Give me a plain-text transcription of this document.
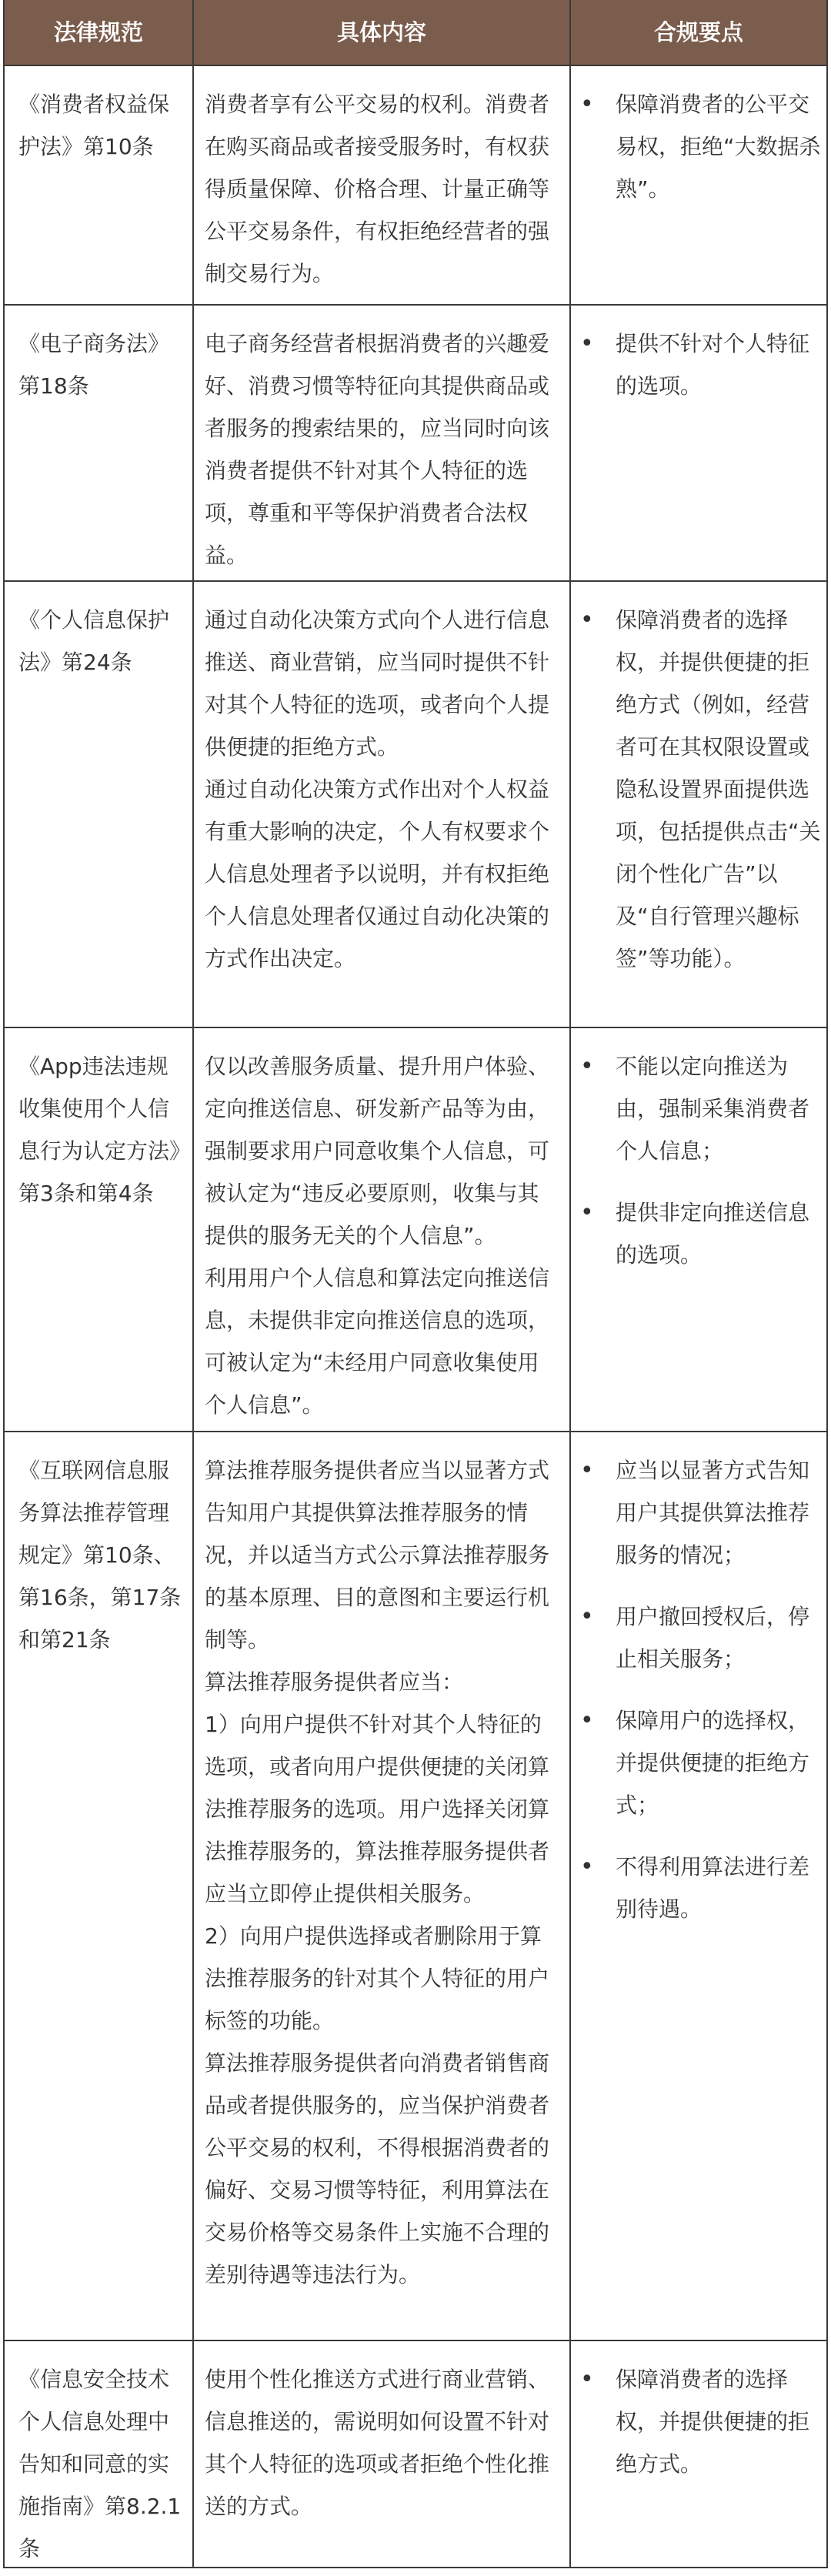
法律规范	具体内容	合规要点
《消费者权益保护法》第10条

消费者享有公平交易的权利。消费者在购买商品或者接受服务时，有权获得质量保障、价格合理、计量正确等公平交易条件，有权拒绝经营者的强制交易行为。

• 保障消费者的公平交易权，拒绝“大数据杀熟”。
《电子商务法》第18条

电子商务经营者根据消费者的兴趣爱好、消费习惯等特征向其提供商品或者服务的搜索结果的，应当同时向该消费者提供不针对其个人特征的选项，尊重和平等保护消费者合法权益。

• 提供不针对个人特征的选项。
《个人信息保护法》第24条

通过自动化决策方式向个人进行信息推送、商业营销，应当同时提供不针对其个人特征的选项，或者向个人提供便捷的拒绝方式。

通过自动化决策方式作出对个人权益有重大影响的决定，个人有权要求个人信息处理者予以说明，并有权拒绝个人信息处理者仅通过自动化决策的方式作出决定。

• 保障消费者的选择权，并提供便捷的拒绝方式（例如，经营者可在其权限设置或隐私设置界面提供选项，包括提供点击“关闭个性化广告”以及“自行管理兴趣标签”等功能）。
《App违法违规收集使用个人信息行为认定方法》第3条和第4条

仅以改善服务质量、提升用户体验、定向推送信息、研发新产品等为由，强制要求用户同意收集个人信息，可被认定为“违反必要原则，收集与其提供的服务无关的个人信息”。

利用用户个人信息和算法定向推送信息，未提供非定向推送信息的选项，可被认定为“未经用户同意收集使用个人信息”。

• 不能以定向推送为由，强制采集消费者个人信息；
• 提供非定向推送信息的选项。
《互联网信息服务算法推荐管理规定》第10条、第16条，第17条和第21条

算法推荐服务提供者应当以显著方式告知用户其提供算法推荐服务的情况，并以适当方式公示算法推荐服务的基本原理、目的意图和主要运行机制等。

算法推荐服务提供者应当：

1）向用户提供不针对其个人特征的选项，或者向用户提供便捷的关闭算法推荐服务的选项。用户选择关闭算法推荐服务的，算法推荐服务提供者应当立即停止提供相关服务。

2）向用户提供选择或者删除用于算法推荐服务的针对其个人特征的用户标签的功能。

算法推荐服务提供者向消费者销售商品或者提供服务的，应当保护消费者公平交易的权利，不得根据消费者的偏好、交易习惯等特征，利用算法在交易价格等交易条件上实施不合理的差别待遇等违法行为。

• 应当以显著方式告知用户其提供算法推荐服务的情况；
• 用户撤回授权后，停止相关服务；
• 保障用户的选择权，并提供便捷的拒绝方式；
• 不得利用算法进行差别待遇。
《信息安全技术个人信息处理中告知和同意的实施指南》第8.2.1条

使用个性化推送方式进行商业营销、信息推送的，需说明如何设置不针对其个人特征的选项或者拒绝个性化推送的方式。

• 保障消费者的选择权，并提供便捷的拒绝方式。
